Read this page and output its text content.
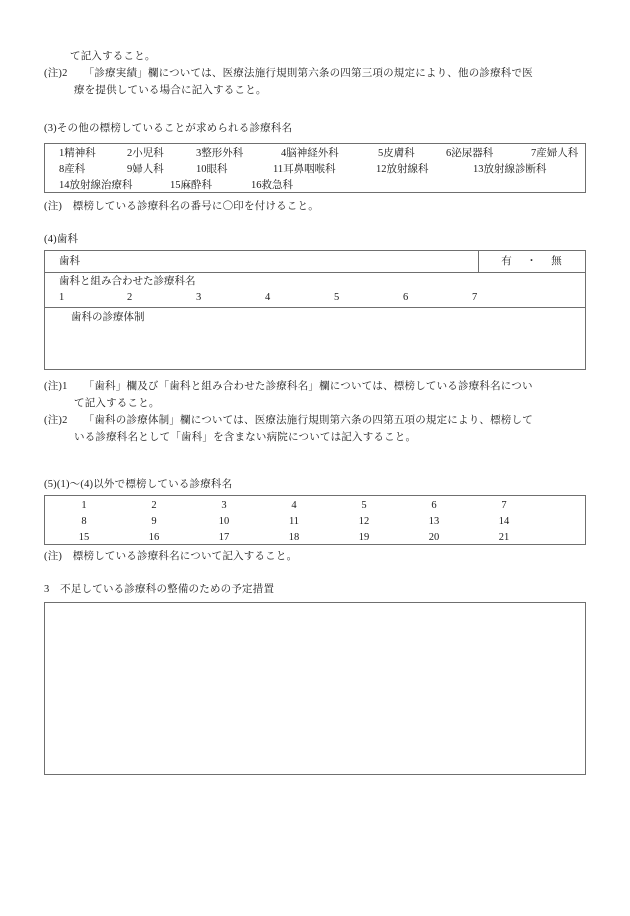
て記入すること。
(注)2　　 「診療実績」欄については、医療法施行規則第六条の四第三項の規定により、他の診療科で医
療を提供している場合に記入すること。
(3)その他の標榜していることが求められる診療科名
1精神科	2小児科	3整形外科	4脳神経外科	5皮膚科	6泌尿器科	7産婦人科
8産科	9婦人科	10眼科	11耳鼻咽喉科	12放射線科	13放射線診断科
14放射線治療科	15麻酔科	16救急科
(注)　標榜している診療科名の番号に〇印を付けること。
(4)歯科
歯科	有　・　無
歯科と組み合わせた診療科名
1	2	3	4	5	6	7
歯科の診療体制
(注)1　　 「歯科」欄及び「歯科と組み合わせた診療科名」欄については、標榜している診療科名につい
て記入すること。
(注)2　　 「歯科の診療体制」欄については、医療法施行規則第六条の四第五項の規定により、標榜して
いる診療科名として「歯科」を含まない病院については記入すること。
(5)(1)～(4)以外で標榜している診療科名
1	2	3	4	5	6	7
8	9	10	11	12	13	14
15	16	17	18	19	20	21
(注)　標榜している診療科名について記入すること。
3　不足している診療科の整備のための予定措置
